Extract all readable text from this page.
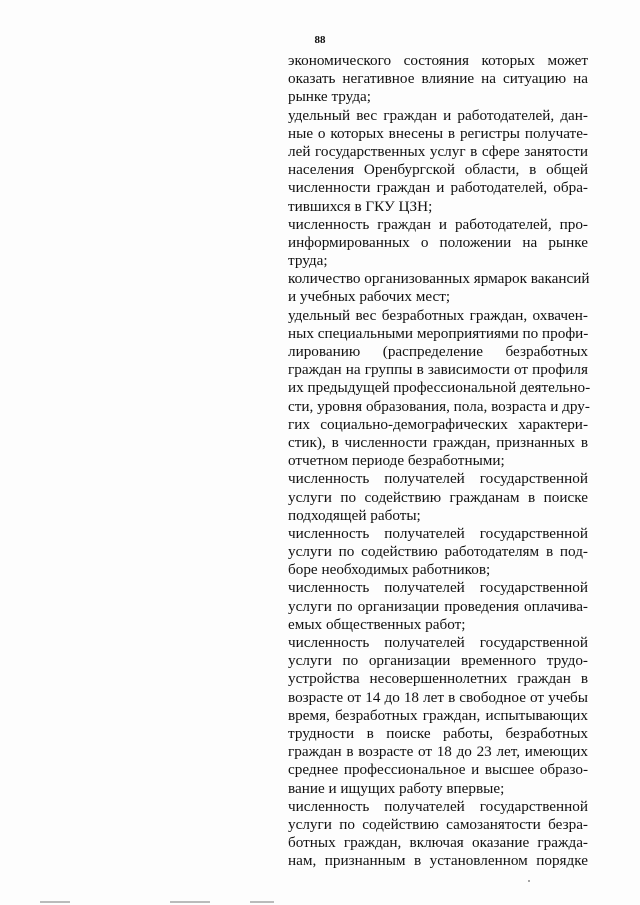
88
экономического состояния которых может
оказать негативное влияние на ситуацию на
рынке труда;
удельный вес граждан и работодателей, дан-
ные о которых внесены в регистры получате-
лей государственных услуг в сфере занятости
населения Оренбургской области, в общей
численности граждан и работодателей, обра-
тившихся в ГКУ ЦЗН;
численность граждан и работодателей, про-
информированных о положении на рынке
труда;
количество организованных ярмарок вакансий
и учебных рабочих мест;
удельный вес безработных граждан, охвачен-
ных специальными мероприятиями по профи-
лированию (распределение безработных
граждан на группы в зависимости от профиля
их предыдущей профессиональной деятельно-
сти, уровня образования, пола, возраста и дру-
гих социально-демографических характери-
стик), в численности граждан, признанных в
отчетном периоде безработными;
численность получателей государственной
услуги по содействию гражданам в поиске
подходящей работы;
численность получателей государственной
услуги по содействию работодателям в под-
боре необходимых работников;
численность получателей государственной
услуги по организации проведения оплачива-
емых общественных работ;
численность получателей государственной
услуги по организации временного трудо-
устройства несовершеннолетних граждан в
возрасте от 14 до 18 лет в свободное от учебы
время, безработных граждан, испытывающих
трудности в поиске работы, безработных
граждан в возрасте от 18 до 23 лет, имеющих
среднее профессиональное и высшее образо-
вание и ищущих работу впервые;
численность получателей государственной
услуги по содействию самозанятости безра-
ботных граждан, включая оказание гражда-
нам, признанным в установленном порядке
